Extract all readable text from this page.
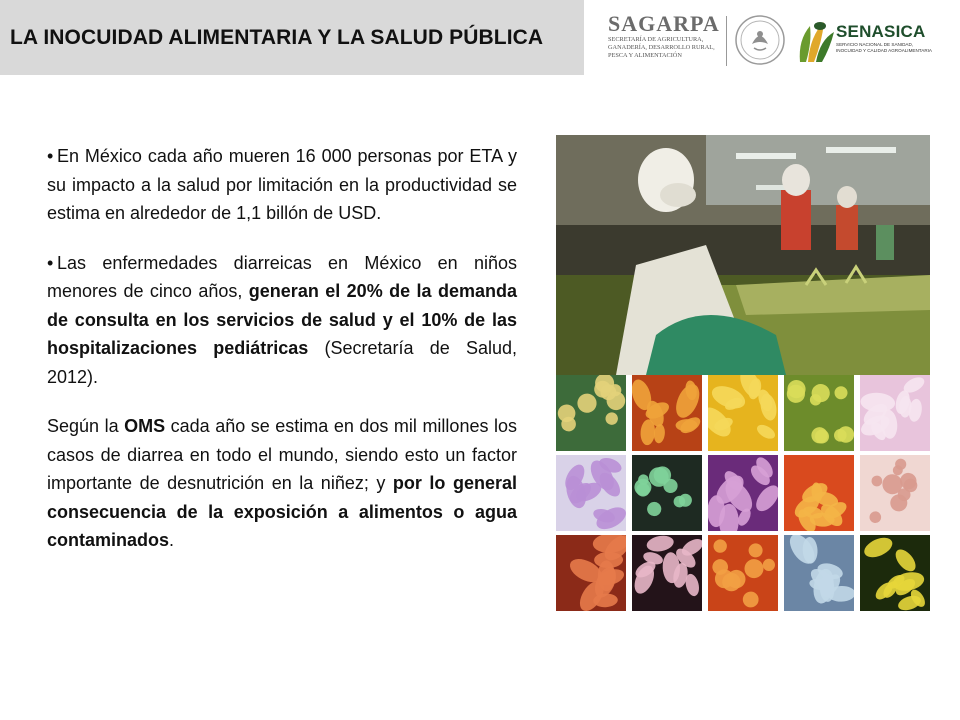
LA INOCUIDAD ALIMENTARIA Y LA SALUD PÚBLICA
SAGARPA
SECRETARÍA DE AGRICULTURA,
GANADERÍA, DESARROLLO RURAL,
PESCA Y ALIMENTACIÓN
SENASICA
SERVICIO NACIONAL DE SANIDAD,
INOCUIDAD Y CALIDAD AGROALIMENTARIA

• En México cada año mueren 16 000 personas por ETA y su impacto a la salud por limitación en la productividad se estima en alrededor de 1,1 billón de USD.

• Las enfermedades diarreicas en México en niños menores de cinco años, generan el 20% de la demanda de consulta en los servicios de salud y el 10% de las hospitalizaciones pediátricas (Secretaría de Salud, 2012).

Según la OMS cada año se estima en dos mil millones los casos de diarrea en todo el mundo, siendo esto un factor importante de desnutrición en la niñez; y por lo general consecuencia de la exposición a alimentos o agua contaminados.
